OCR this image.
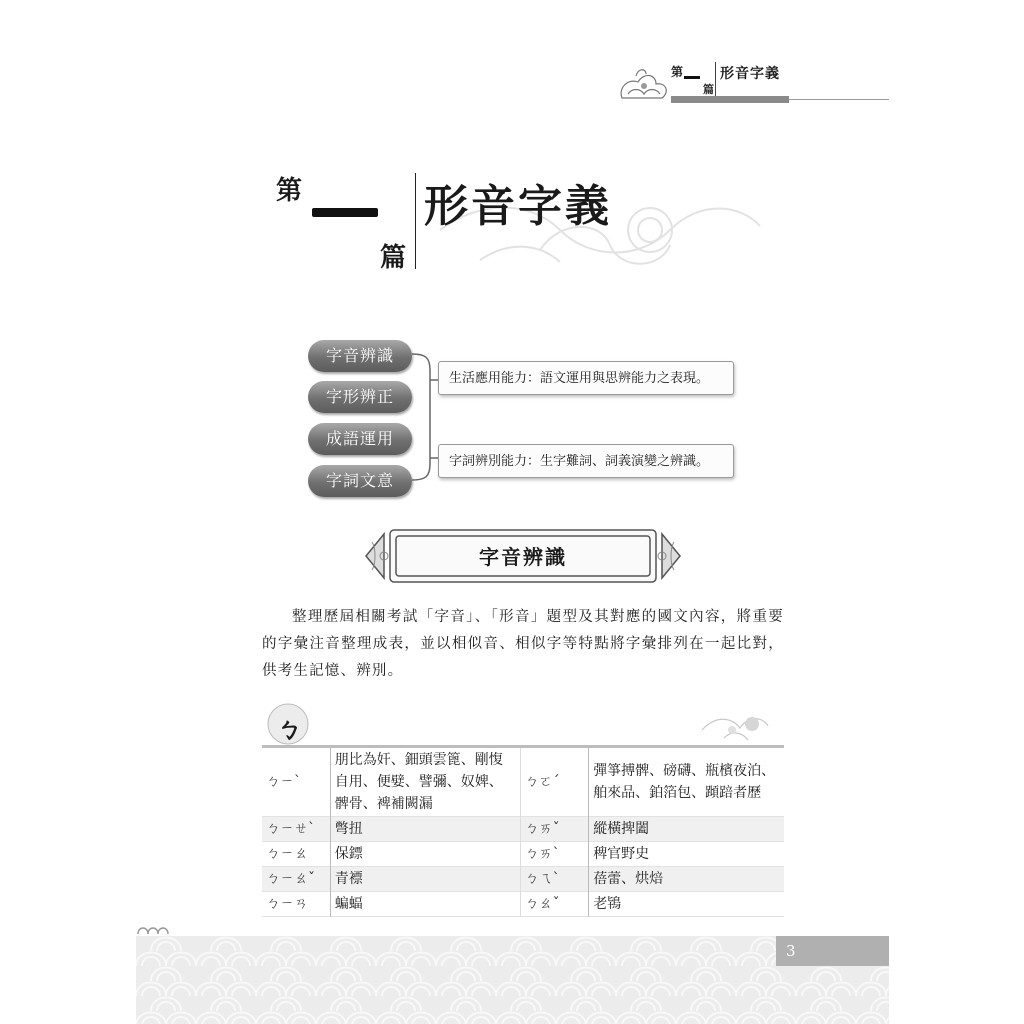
第
篇
形音字義
第
篇
形音字義
字音辨識
字形辨正
成語運用
字詞文意
生活應用能力：語文運用與思辨能力之表現。
字詞辨別能力：生字難詞、詞義演變之辨識。
字音辨識
整理歷屆相關考試「字音」、「形音」題型及其對應的國文內容，將重要的字彙注音整理成表，並以相似音、相似字等特點將字彙排列在一起比對，供考生記憶、辨別。
ㄅ
ㄅㄧˋ	朋比為奸、鈿頭雲篦、剛愎自用、便嬖、譬彌、奴婢、髀骨、裨補闕漏	ㄅㄛˊ	彈箏搏髀、磅礴、瓶檳夜泊、舶來品、鉑箔包、蹞踣者歷
ㄅㄧㄝˋ	彆扭	ㄅㄞˇ	縱橫捭闔
ㄅㄧㄠ	保鏢	ㄅㄞˋ	稗官野史
ㄅㄧㄠˇ	青褾	ㄅㄟˋ	蓓蕾、烘焙
ㄅㄧㄢ	蝙蝠	ㄅㄠˇ	老鴇
3
